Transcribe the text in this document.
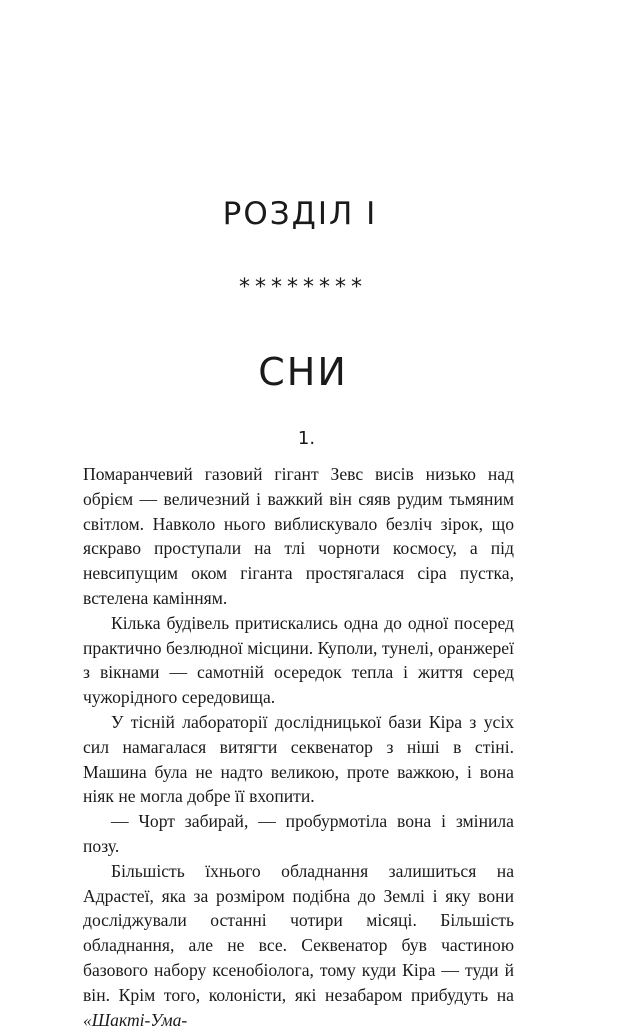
РОЗДІЛ І
********
СНИ
1.

Помаранчевий газовий гігант Зевс висів низько над обрієм — величезний і важкий він сяяв рудим тьмяним світлом. Навколо нього виблискувало безліч зірок, що яскраво проступали на тлі чорноти космосу, а під невсипущим оком гіганта простягалася сіра пустка, встелена камінням.

Кілька будівель притискались одна до одної посеред практично безлюдної місцини. Куполи, тунелі, оранжереї з вікнами — самотній осередок тепла і життя серед чужорідного середовища.

У тісній лабораторії дослідницької бази Кіра з усіх сил намагалася витягти секвенатор з ніші в стіні. Машина була не надто великою, проте важкою, і вона ніяк не могла добре її вхопити.

— Чорт забирай, — пробурмотіла вона і змінила позу.

Більшість їхнього обладнання залишиться на Адрастеї, яка за розміром подібна до Землі і яку вони досліджували останні чотири місяці. Більшість обладнання, але не все. Секвенатор був частиною базового набору ксенобіолога, тому куди Кіра — туди й він. Крім того, колоністи, які незабаром прибудуть на «Шакті-Ума-
